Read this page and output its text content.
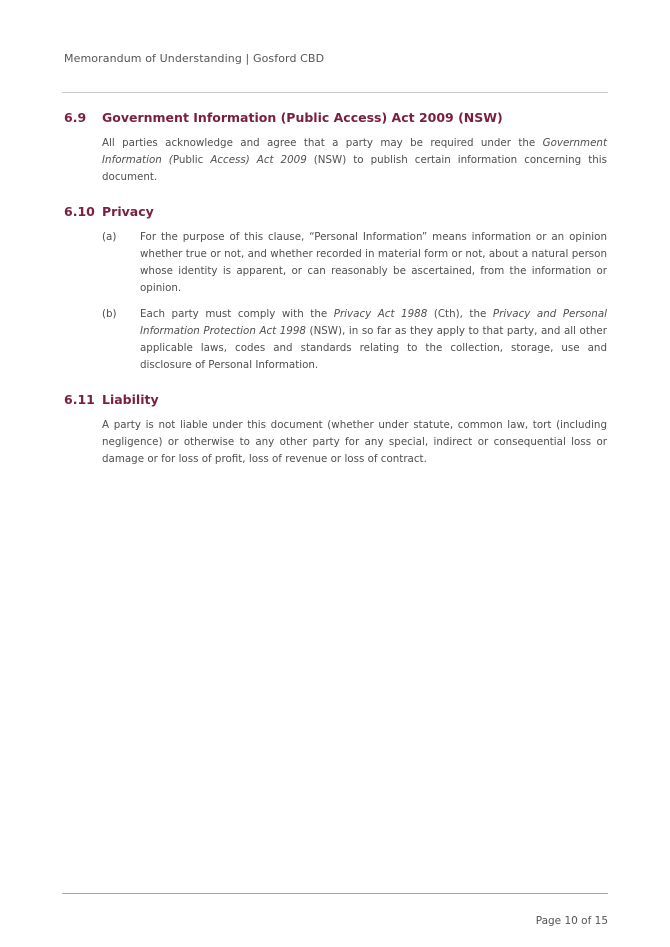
Memorandum of Understanding | Gosford CBD
6.9	Government Information (Public Access) Act 2009 (NSW)
All parties acknowledge and agree that a party may be required under the Government Information (Public Access) Act 2009 (NSW) to publish certain information concerning this document.
6.10 Privacy
(a)	For the purpose of this clause, “Personal Information” means information or an opinion whether true or not, and whether recorded in material form or not, about a natural person whose identity is apparent, or can reasonably be ascertained, from the information or opinion.
(b)	Each party must comply with the Privacy Act 1988 (Cth), the Privacy and Personal Information Protection Act 1998 (NSW), in so far as they apply to that party, and all other applicable laws, codes and standards relating to the collection, storage, use and disclosure of Personal Information.
6.11 Liability
A party is not liable under this document (whether under statute, common law, tort (including negligence) or otherwise to any other party for any special, indirect or consequential loss or damage or for loss of profit, loss of revenue or loss of contract.
Page 10 of 15
